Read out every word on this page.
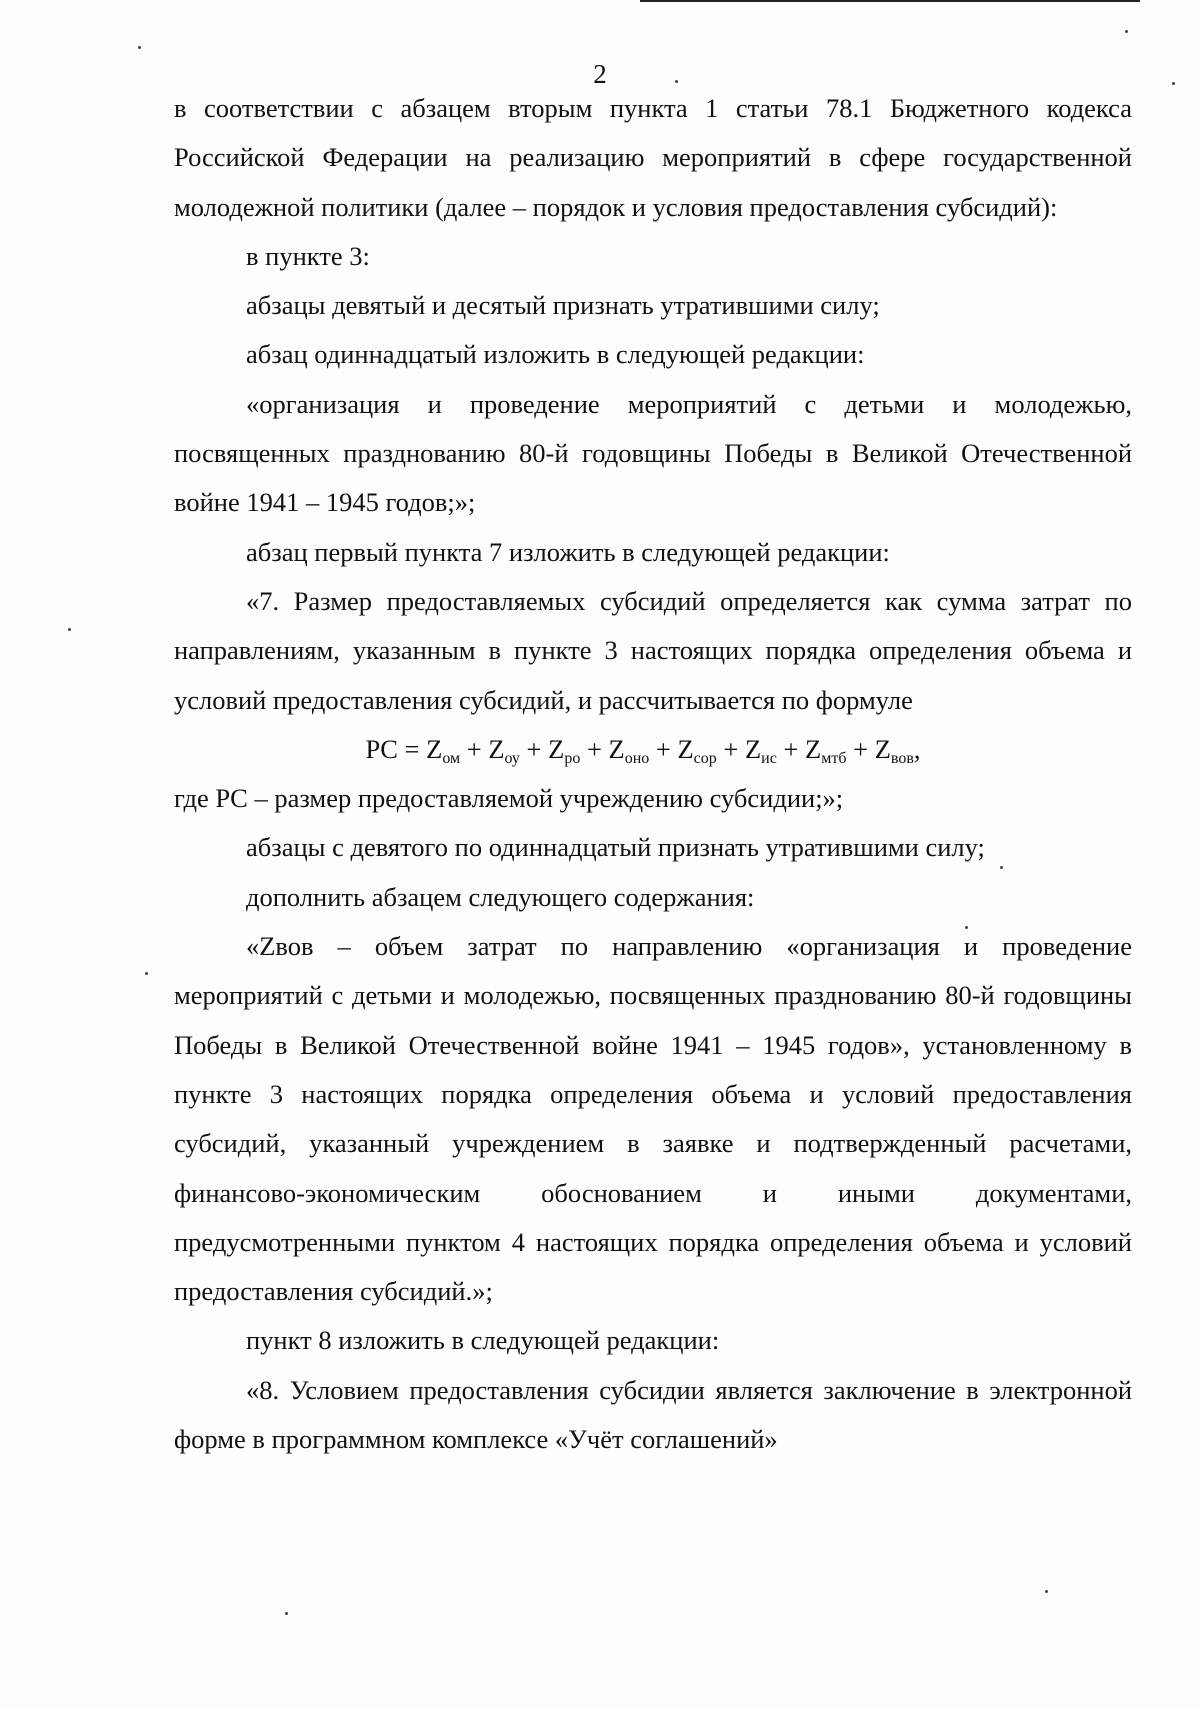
2

в соответствии с абзацем вторым пункта 1 статьи 78.1 Бюджетного кодекса Российской Федерации на реализацию мероприятий в сфере государственной молодежной политики (далее – порядок и условия предоставления субсидий):

в пункте 3:

абзацы девятый и десятый признать утратившими силу;

абзац одиннадцатый изложить в следующей редакции:

«организация и проведение мероприятий с детьми и молодежью, посвященных празднованию 80-й годовщины Победы в Великой Отечественной войне 1941 – 1945 годов;»;

абзац первый пункта 7 изложить в следующей редакции:

«7. Размер предоставляемых субсидий определяется как сумма затрат по направлениям, указанным в пункте 3 настоящих порядка определения объема и условий предоставления субсидий, и рассчитывается по формуле

PC = $Z_{ом} + Z_{оу} + Z_{ро} + Z_{оно} + Z_{сор} + Z_{ис} + Z_{мтб} + Z_{вов}$,

где PC – размер предоставляемой учреждению субсидии;»;

абзацы с девятого по одиннадцатый признать утратившими силу;

дополнить абзацем следующего содержания:

«Zвов – объем затрат по направлению «организация и проведение мероприятий с детьми и молодежью, посвященных празднованию 80-й годовщины Победы в Великой Отечественной войне 1941 – 1945 годов», установленному в пункте 3 настоящих порядка определения объема и условий предоставления субсидий, указанный учреждением в заявке и подтвержденный расчетами, финансово-экономическим обоснованием и иными документами, предусмотренными пунктом 4 настоящих порядка определения объема и условий предоставления субсидий.»;

пункт 8 изложить в следующей редакции:

«8. Условием предоставления субсидии является заключение в электронной форме в программном комплексе «Учёт соглашений»
